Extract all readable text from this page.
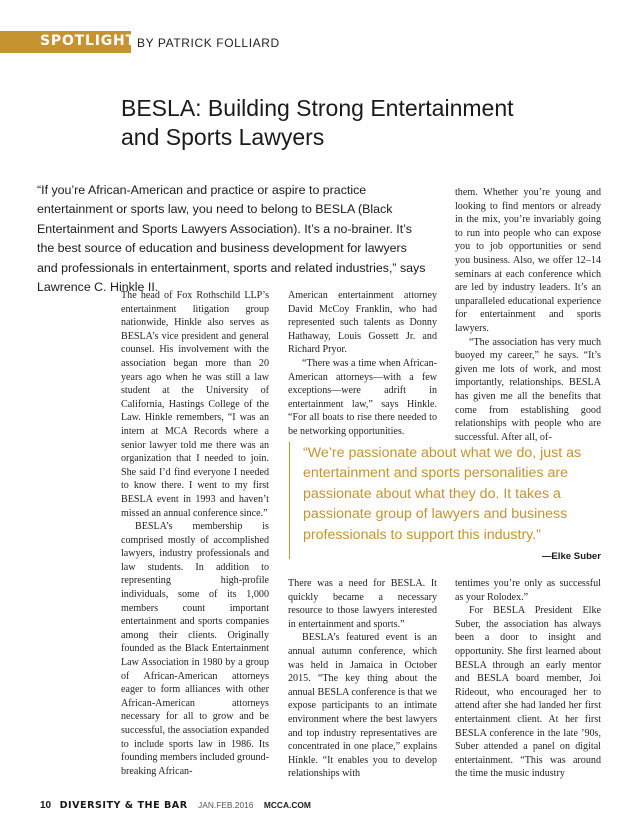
SPOTLIGHTING
BY PATRICK FOLLIARD
BESLA: Building Strong Entertainment and Sports Lawyers

“If you’re African-American and practice or aspire to practice entertainment or sports law, you need to belong to BESLA (Black Entertainment and Sports Lawyers Association). It’s a no-brainer. It’s the best source of education and business development for lawyers and professionals in entertainment, sports and related industries,” says Lawrence C. Hinkle II.

The head of Fox Rothschild LLP’s entertainment litigation group nationwide, Hinkle also serves as BESLA’s vice president and general counsel. His involvement with the association began more than 20 years ago when he was still a law student at the University of California, Hastings College of the Law. Hinkle remembers, “I was an intern at MCA Records where a senior lawyer told me there was an organization that I needed to join. She said I’d find everyone I needed to know there. I went to my first BESLA event in 1993 and haven’t missed an annual conference since.”

BESLA’s membership is comprised mostly of accomplished lawyers, industry professionals and law students. In addition to representing high-profile individuals, some of its 1,000 members count important entertainment and sports companies among their clients. Originally founded as the Black Entertainment Law Association in 1980 by a group of African-American attorneys eager to form alliances with other African-American attorneys necessary for all to grow and be successful, the association expanded to include sports law in 1986. Its founding members included ground-breaking African-

American entertainment attorney David McCoy Franklin, who had represented such talents as Donny Hathaway, Louis Gossett Jr. and Richard Pryor.

“There was a time when African-American attorneys—with a few exceptions—were adrift in entertainment law,” says Hinkle. “For all boats to rise there needed to be networking opportunities.

them. Whether you’re young and looking to find mentors or already in the mix, you’re invariably going to run into people who can expose you to job opportunities or send you business. Also, we offer 12–14 seminars at each conference which are led by industry leaders. It’s an unparalleled educational experience for entertainment and sports lawyers.

“The association has very much buoyed my career,” he says. “It’s given me lots of work, and most importantly, relationships. BESLA has given me all the benefits that come from establishing good relationships with people who are successful. After all, of-

“We’re passionate about what we do, just as entertainment and sports personalities are passionate about what they do. It takes a passionate group of lawyers and business professionals to support this industry.”

—Elke Suber

There was a need for BESLA. It quickly became a necessary resource to those lawyers interested in entertainment and sports.”

BESLA’s featured event is an annual autumn conference, which was held in Jamaica in October 2015. “The key thing about the annual BESLA conference is that we expose participants to an intimate environment where the best lawyers and top industry representatives are concentrated in one place,” explains Hinkle. “It enables you to develop relationships with

tentimes you’re only as successful as your Rolodex.”

For BESLA President Elke Suber, the association has always been a door to insight and opportunity. She first learned about BESLA through an early mentor and BESLA board member, Joi Rideout, who encouraged her to attend after she had landed her first entertainment client. At her first BESLA conference in the late ’90s, Suber attended a panel on digital entertainment. “This was around the time the music industry

10 DIVERSITY & THE BAR JAN.FEB.2016 MCCA.COM
